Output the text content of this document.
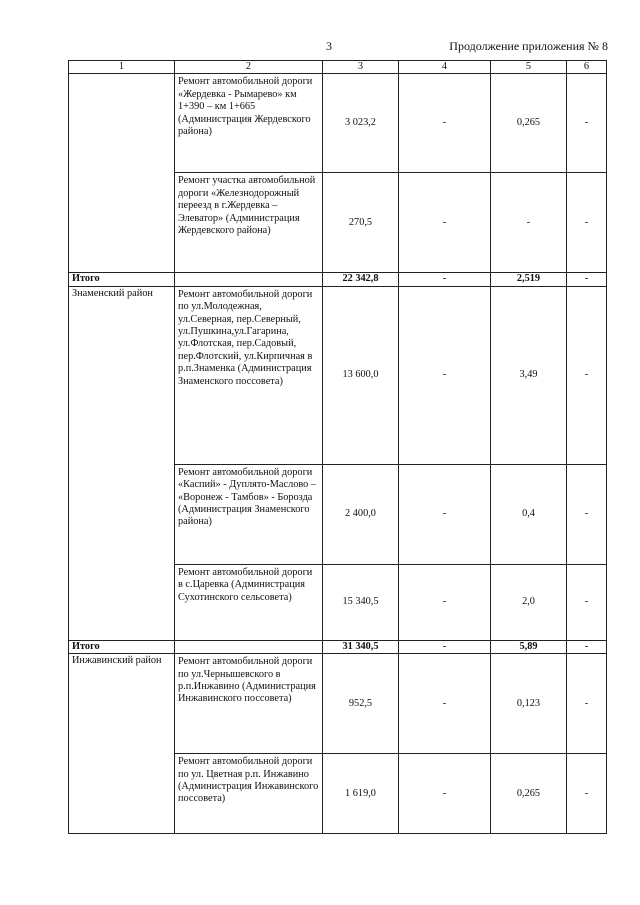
3	Продолжение приложения № 8
1	2	3	4	5	6
	Ремонт автомобильной дороги «Жердевка - Рымарево» км 1+390 – км 1+665 (Администрация Жердевского района)	3 023,2	-	0,265	-
	Ремонт участка автомобильной дороги «Железнодорожный переезд в г.Жердевка – Элеватор» (Администрация Жердевского района)	270,5	-	-	-
Итого		22 342,8	-	2,519	-
Знаменский район	Ремонт автомобильной дороги по ул.Молодежная, ул.Северная, пер.Северный, ул.Пушкина,ул.Гагарина, ул.Флотская, пер.Садовый, пер.Флотский, ул.Кирпичная в р.п.Знаменка (Администрация Знаменского поссовета)	13 600,0	-	3,49	-
	Ремонт автомобильной дороги «Каспий» - Дуплято-Маслово – «Воронеж - Тамбов» - Борозда (Администрация Знаменского района)	2 400,0	-	0,4	-
	Ремонт автомобильной дороги в с.Царевка (Администрация Сухотинского сельсовета)	15 340,5	-	2,0	-
Итого		31 340,5	-	5,89	-
Инжавинский район	Ремонт автомобильной дороги по ул.Чернышевского в р.п.Инжавино (Администрация Инжавинского поссовета)	952,5	-	0,123	-
	Ремонт автомобильной дороги по ул. Цветная р.п. Инжавино (Администрация Инжавинского поссовета)	1 619,0	-	0,265	-
